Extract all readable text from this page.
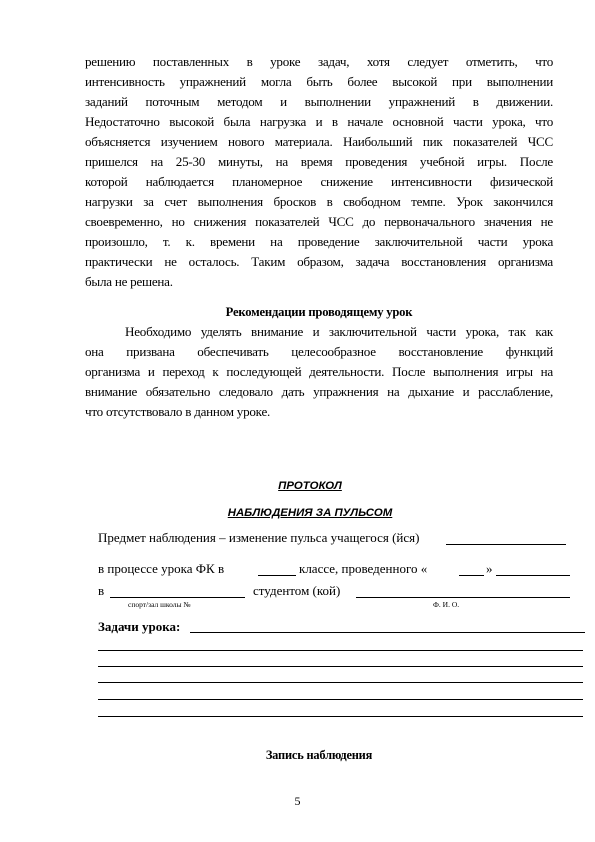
решению поставленных в уроке задач, хотя следует отметить, что
интенсивность упражнений могла быть более высокой при выполнении
заданий поточным методом и выполнении упражнений в движении.
Недостаточно высокой была нагрузка и в начале основной части урока, что
объясняется изучением нового материала. Наибольший пик показателей ЧСС
пришелся на 25-30 минуты, на время проведения учебной игры. После
которой наблюдается планомерное снижение интенсивности физической
нагрузки за счет выполнения бросков в свободном темпе. Урок закончился
своевременно, но снижения показателей ЧСС до первоначального значения не
произошло, т. к. времени на проведение заключительной части урока
практически не осталось. Таким образом, задача восстановления организма
была не решена.
Рекомендации проводящему урок
Необходимо уделять внимание и заключительной части урока, так как
она призвана обеспечивать целесообразное восстановление функций
организма и переход к последующей деятельности. После выполнения игры на
внимание обязательно следовало дать упражнения на дыхание и расслабление,
что отсутствовало в данном уроке.
ПРОТОКОЛ
НАБЛЮДЕНИЯ ЗА ПУЛЬСОМ
Предмет наблюдения – изменение пульса учащегося (йся)
в процессе урока ФК в	классе, проведенного «	»
в	студентом (кой)
спорт/зал школы №	Ф. И. О.
Задачи урока:
Запись наблюдения
5
